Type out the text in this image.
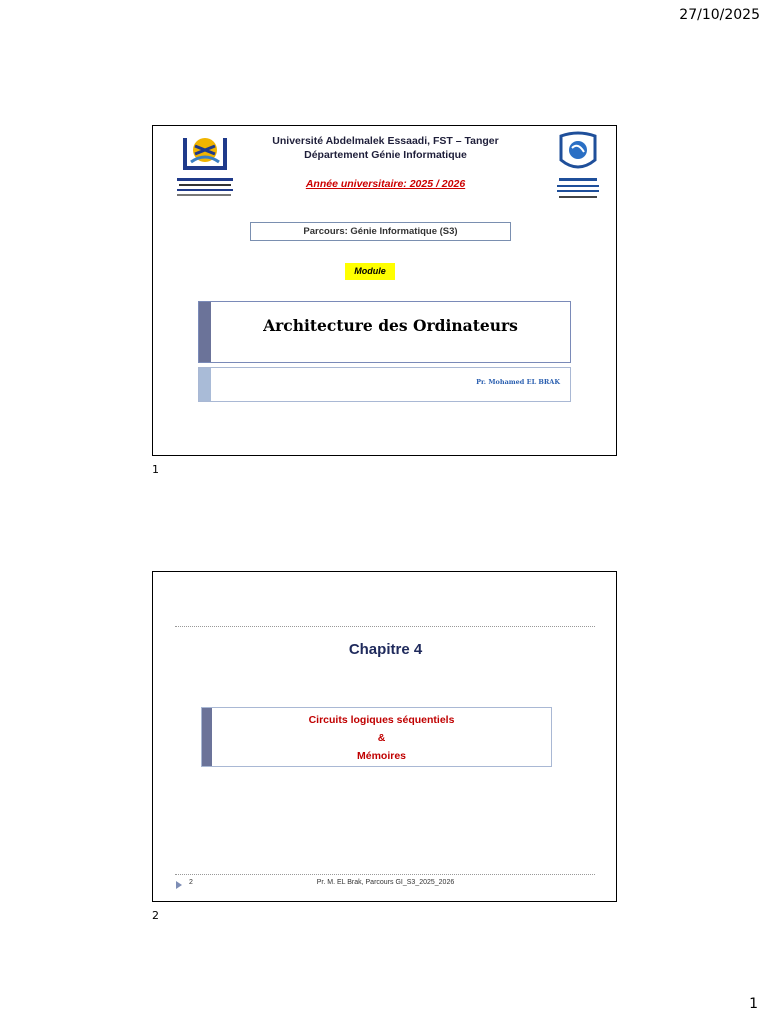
27/10/2025
Université Abdelmalek Essaadi, FST – Tanger
Département Génie Informatique
Année universitaire: 2025 / 2026
Parcours: Génie Informatique (S3)
Module
Architecture des Ordinateurs
Pr. Mohamed EL BRAK
1
Chapitre 4
Circuits logiques séquentiels
&
Mémoires
2	Pr. M. EL Brak, Parcours GI_S3_2025_2026
2
1
